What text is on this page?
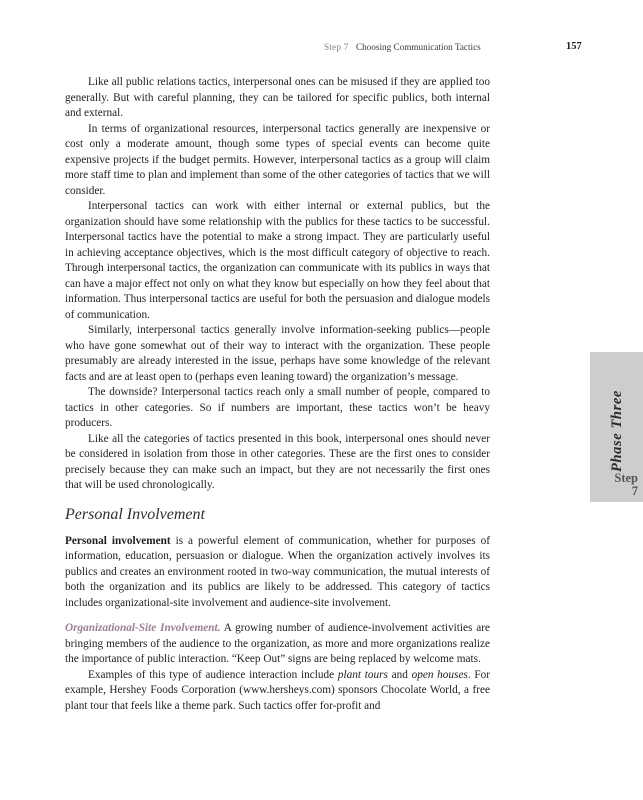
Step 7 Choosing Communication Tactics	157

Like all public relations tactics, interpersonal ones can be misused if they are applied too generally. But with careful planning, they can be tailored for specific publics, both internal and external.

In terms of organizational resources, interpersonal tactics generally are inexpensive or cost only a moderate amount, though some types of special events can become quite expensive projects if the budget permits. However, interpersonal tactics as a group will claim more staff time to plan and implement than some of the other categories of tactics that we will consider.

Interpersonal tactics can work with either internal or external publics, but the organization should have some relationship with the publics for these tactics to be successful. Interpersonal tactics have the potential to make a strong impact. They are particularly useful in achieving acceptance objectives, which is the most difficult category of objective to reach. Through interpersonal tactics, the organization can communicate with its publics in ways that can have a major effect not only on what they know but especially on how they feel about that information. Thus interpersonal tactics are useful for both the persuasion and dialogue models of communication.

Similarly, interpersonal tactics generally involve information-seeking publics—people who have gone somewhat out of their way to interact with the organization. These people presumably are already interested in the issue, perhaps have some knowledge of the relevant facts and are at least open to (perhaps even leaning toward) the organization’s message.

The downside? Interpersonal tactics reach only a small number of people, compared to tactics in other categories. So if numbers are important, these tactics won’t be heavy producers.

Like all the categories of tactics presented in this book, interpersonal ones should never be considered in isolation from those in other categories. These are the first ones to consider precisely because they can make such an impact, but they are not necessarily the first ones that will be used chronologically.

Personal Involvement

Personal involvement is a powerful element of communication, whether for purposes of information, education, persuasion or dialogue. When the organization actively involves its publics and creates an environment rooted in two-way communication, the mutual interests of both the organization and its publics are likely to be addressed. This category of tactics includes organizational-site involvement and audience-site involvement.

Organizational-Site Involvement. A growing number of audience-involvement activities are bringing members of the audience to the organization, as more and more organizations realize the importance of public interaction. “Keep Out” signs are being replaced by welcome mats.

Examples of this type of audience interaction include plant tours and open houses. For example, Hershey Foods Corporation (www.hersheys.com) sponsors Chocolate World, a free plant tour that feels like a theme park. Such tactics offer for-profit and

Phase Three
Step
7
